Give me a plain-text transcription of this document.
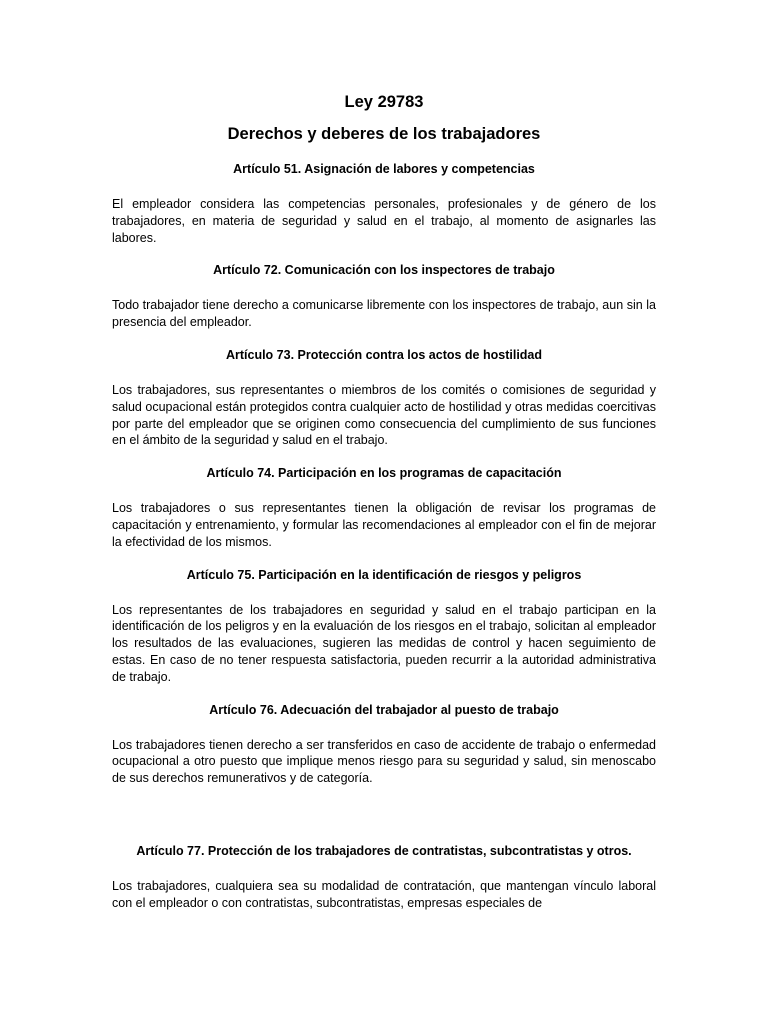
Ley 29783
Derechos y deberes de los trabajadores
Artículo 51. Asignación de labores y competencias

El empleador considera las competencias personales, profesionales y de género de los trabajadores, en materia de seguridad y salud en el trabajo, al momento de asignarles las labores.

Artículo 72. Comunicación con los inspectores de trabajo

Todo trabajador tiene derecho a comunicarse libremente con los inspectores de trabajo, aun sin la presencia del empleador.

Artículo 73. Protección contra los actos de hostilidad

Los trabajadores, sus representantes o miembros de los comités o comisiones de seguridad y salud ocupacional están protegidos contra cualquier acto de hostilidad y otras medidas coercitivas por parte del empleador que se originen como consecuencia del cumplimiento de sus funciones en el ámbito de la seguridad y salud en el trabajo.

Artículo 74. Participación en los programas de capacitación

Los trabajadores o sus representantes tienen la obligación de revisar los programas de capacitación y entrenamiento, y formular las recomendaciones al empleador con el fin de mejorar la efectividad de los mismos.

Artículo 75. Participación en la identificación de riesgos y peligros

Los representantes de los trabajadores en seguridad y salud en el trabajo participan en la identificación de los peligros y en la evaluación de los riesgos en el trabajo, solicitan al empleador los resultados de las evaluaciones, sugieren las medidas de control y hacen seguimiento de estas. En caso de no tener respuesta satisfactoria, pueden recurrir a la autoridad administrativa de trabajo.

Artículo 76. Adecuación del trabajador al puesto de trabajo

Los trabajadores tienen derecho a ser transferidos en caso de accidente de trabajo o enfermedad ocupacional a otro puesto que implique menos riesgo para su seguridad y salud, sin menoscabo de sus derechos remunerativos y de categoría.

Artículo 77. Protección de los trabajadores de contratistas, subcontratistas y otros.

Los trabajadores, cualquiera sea su modalidad de contratación, que mantengan vínculo laboral con el empleador o con contratistas, subcontratistas, empresas especiales de
